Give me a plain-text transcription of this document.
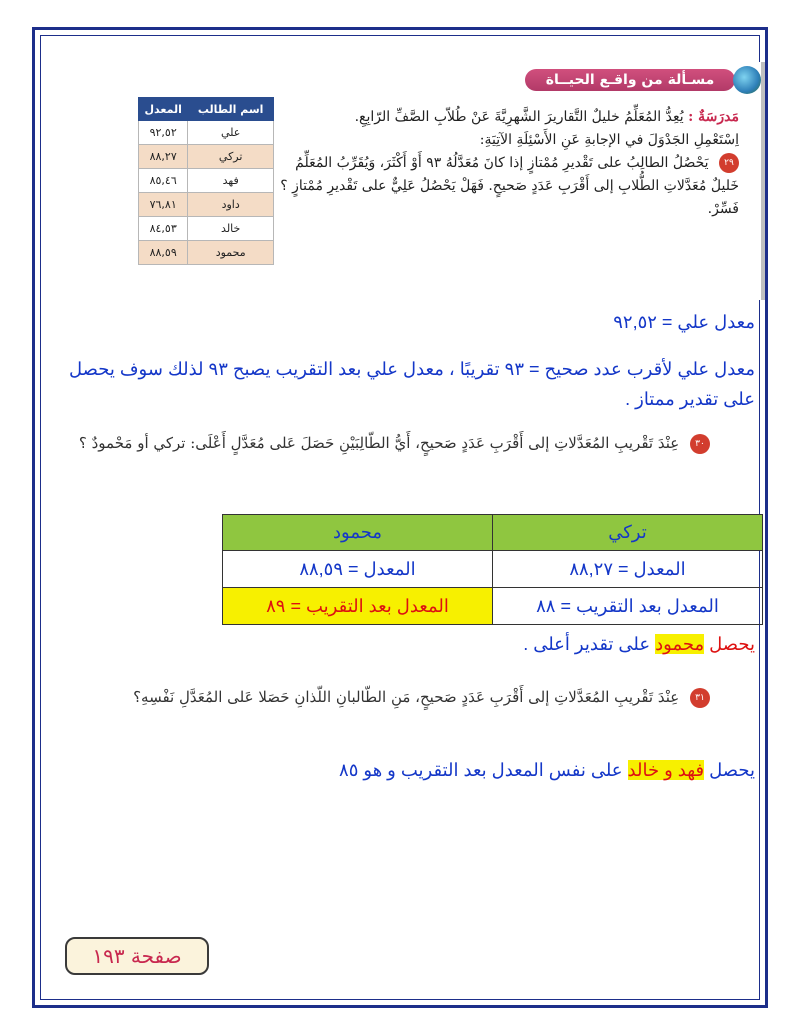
اسم الطالب	المعدل
علي	٩٢,٥٢
تركي	٨٨,٢٧
فهد	٨٥,٤٦
داود	٧٦,٨١
خالد	٨٤,٥٣
محمود	٨٨,٥٩
مسـألة من واقـع الحيــاة

مَدرَسَةٌ : يُعِدُّ المُعَلِّمُ خليلٌ التَّقاريرَ الشَّهرِيَّةَ عَنْ طُلاّبِ الصَّفِّ الرّابِعِ.

اِسْتَعْمِلِ الجَدْوَلَ في الإجابةِ عَنِ الأَسْئِلَةِ الآتِيَةِ:

٢٩ يَحْصُلُ الطالِبُ على تَقْديرِ مُمْتازٍ إذا كانَ مُعَدَّلُهُ ٩٣ أَوْ أَكْثَرَ، وَيُقَرِّبُ المُعَلِّمُ خَليلٌ مُعَدَّلاتِ الطُّلابِ إلى أَقْرَبِ عَدَدٍ صَحيحٍ. فَهَلْ يَحْصُلُ عَلِيٌّ على تَقْديرِ مُمْتازٍ ؟ فَسِّرْ.

معدل علي = ٩٢,٥٢
معدل علي لأقرب عدد صحيح = ٩٣ تقريبًا ، معدل علي بعد التقريب يصبح ٩٣ لذلك سوف يحصل على تقدير ممتاز .
٣٠ عِنْدَ تَقْريبِ المُعَدَّلاتِ إلى أَقْرَبِ عَدَدٍ صَحيحٍ، أَيُّ الطّالِبَيْنِ حَصَلَ عَلى مُعَدَّلٍ أَعْلَى: تركي أو مَحْمودٌ ؟
تركي	محمود
المعدل = ٨٨,٢٧	المعدل = ٨٨,٥٩
المعدل بعد التقريب = ٨٨	المعدل بعد التقريب = ٨٩
يحصل محمود على تقدير أعلى .
٣١ عِنْدَ تَقْريبِ المُعَدَّلاتِ إلى أَقْرَبِ عَدَدٍ صَحيحٍ، مَنِ الطّالبانِ اللّذانِ حَصَلا عَلى المُعَدَّلِ نَفْسِهِ؟
يحصل فهد و خالد على نفس المعدل بعد التقريب و هو ٨٥
صفحة ١٩٣
